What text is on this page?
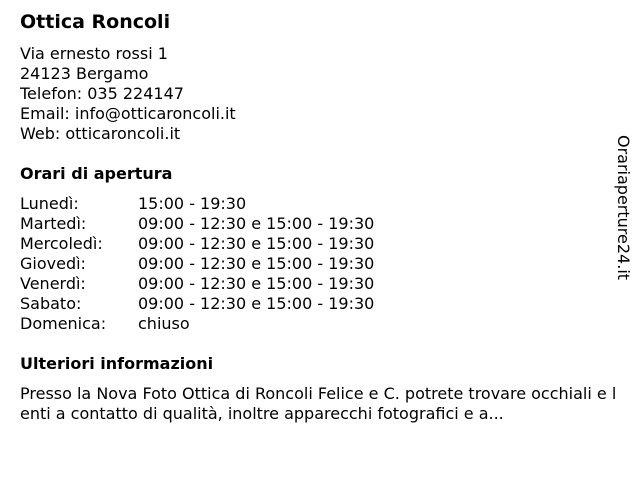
Ottica Roncoli
Via ernesto rossi 1
24123 Bergamo
Telefon: 035 224147
Email: info@otticaroncoli.it
Web: otticaroncoli.it
Orari di apertura
Lunedì:	15:00 - 19:30
Martedì:	09:00 - 12:30 e 15:00 - 19:30
Mercoledì: 09:00 - 12:30 e 15:00 - 19:30
Giovedì:	09:00 - 12:30 e 15:00 - 19:30
Venerdì:	09:00 - 12:30 e 15:00 - 19:30
Sabato:	09:00 - 12:30 e 15:00 - 19:30
Domenica: chiuso
Ulteriori informazioni
Presso la Nova Foto Ottica di Roncoli Felice e C. potrete trovare occhiali e lenti a contatto di qualità, inoltre apparecchi fotografici e a...
Orariaperture24.it
